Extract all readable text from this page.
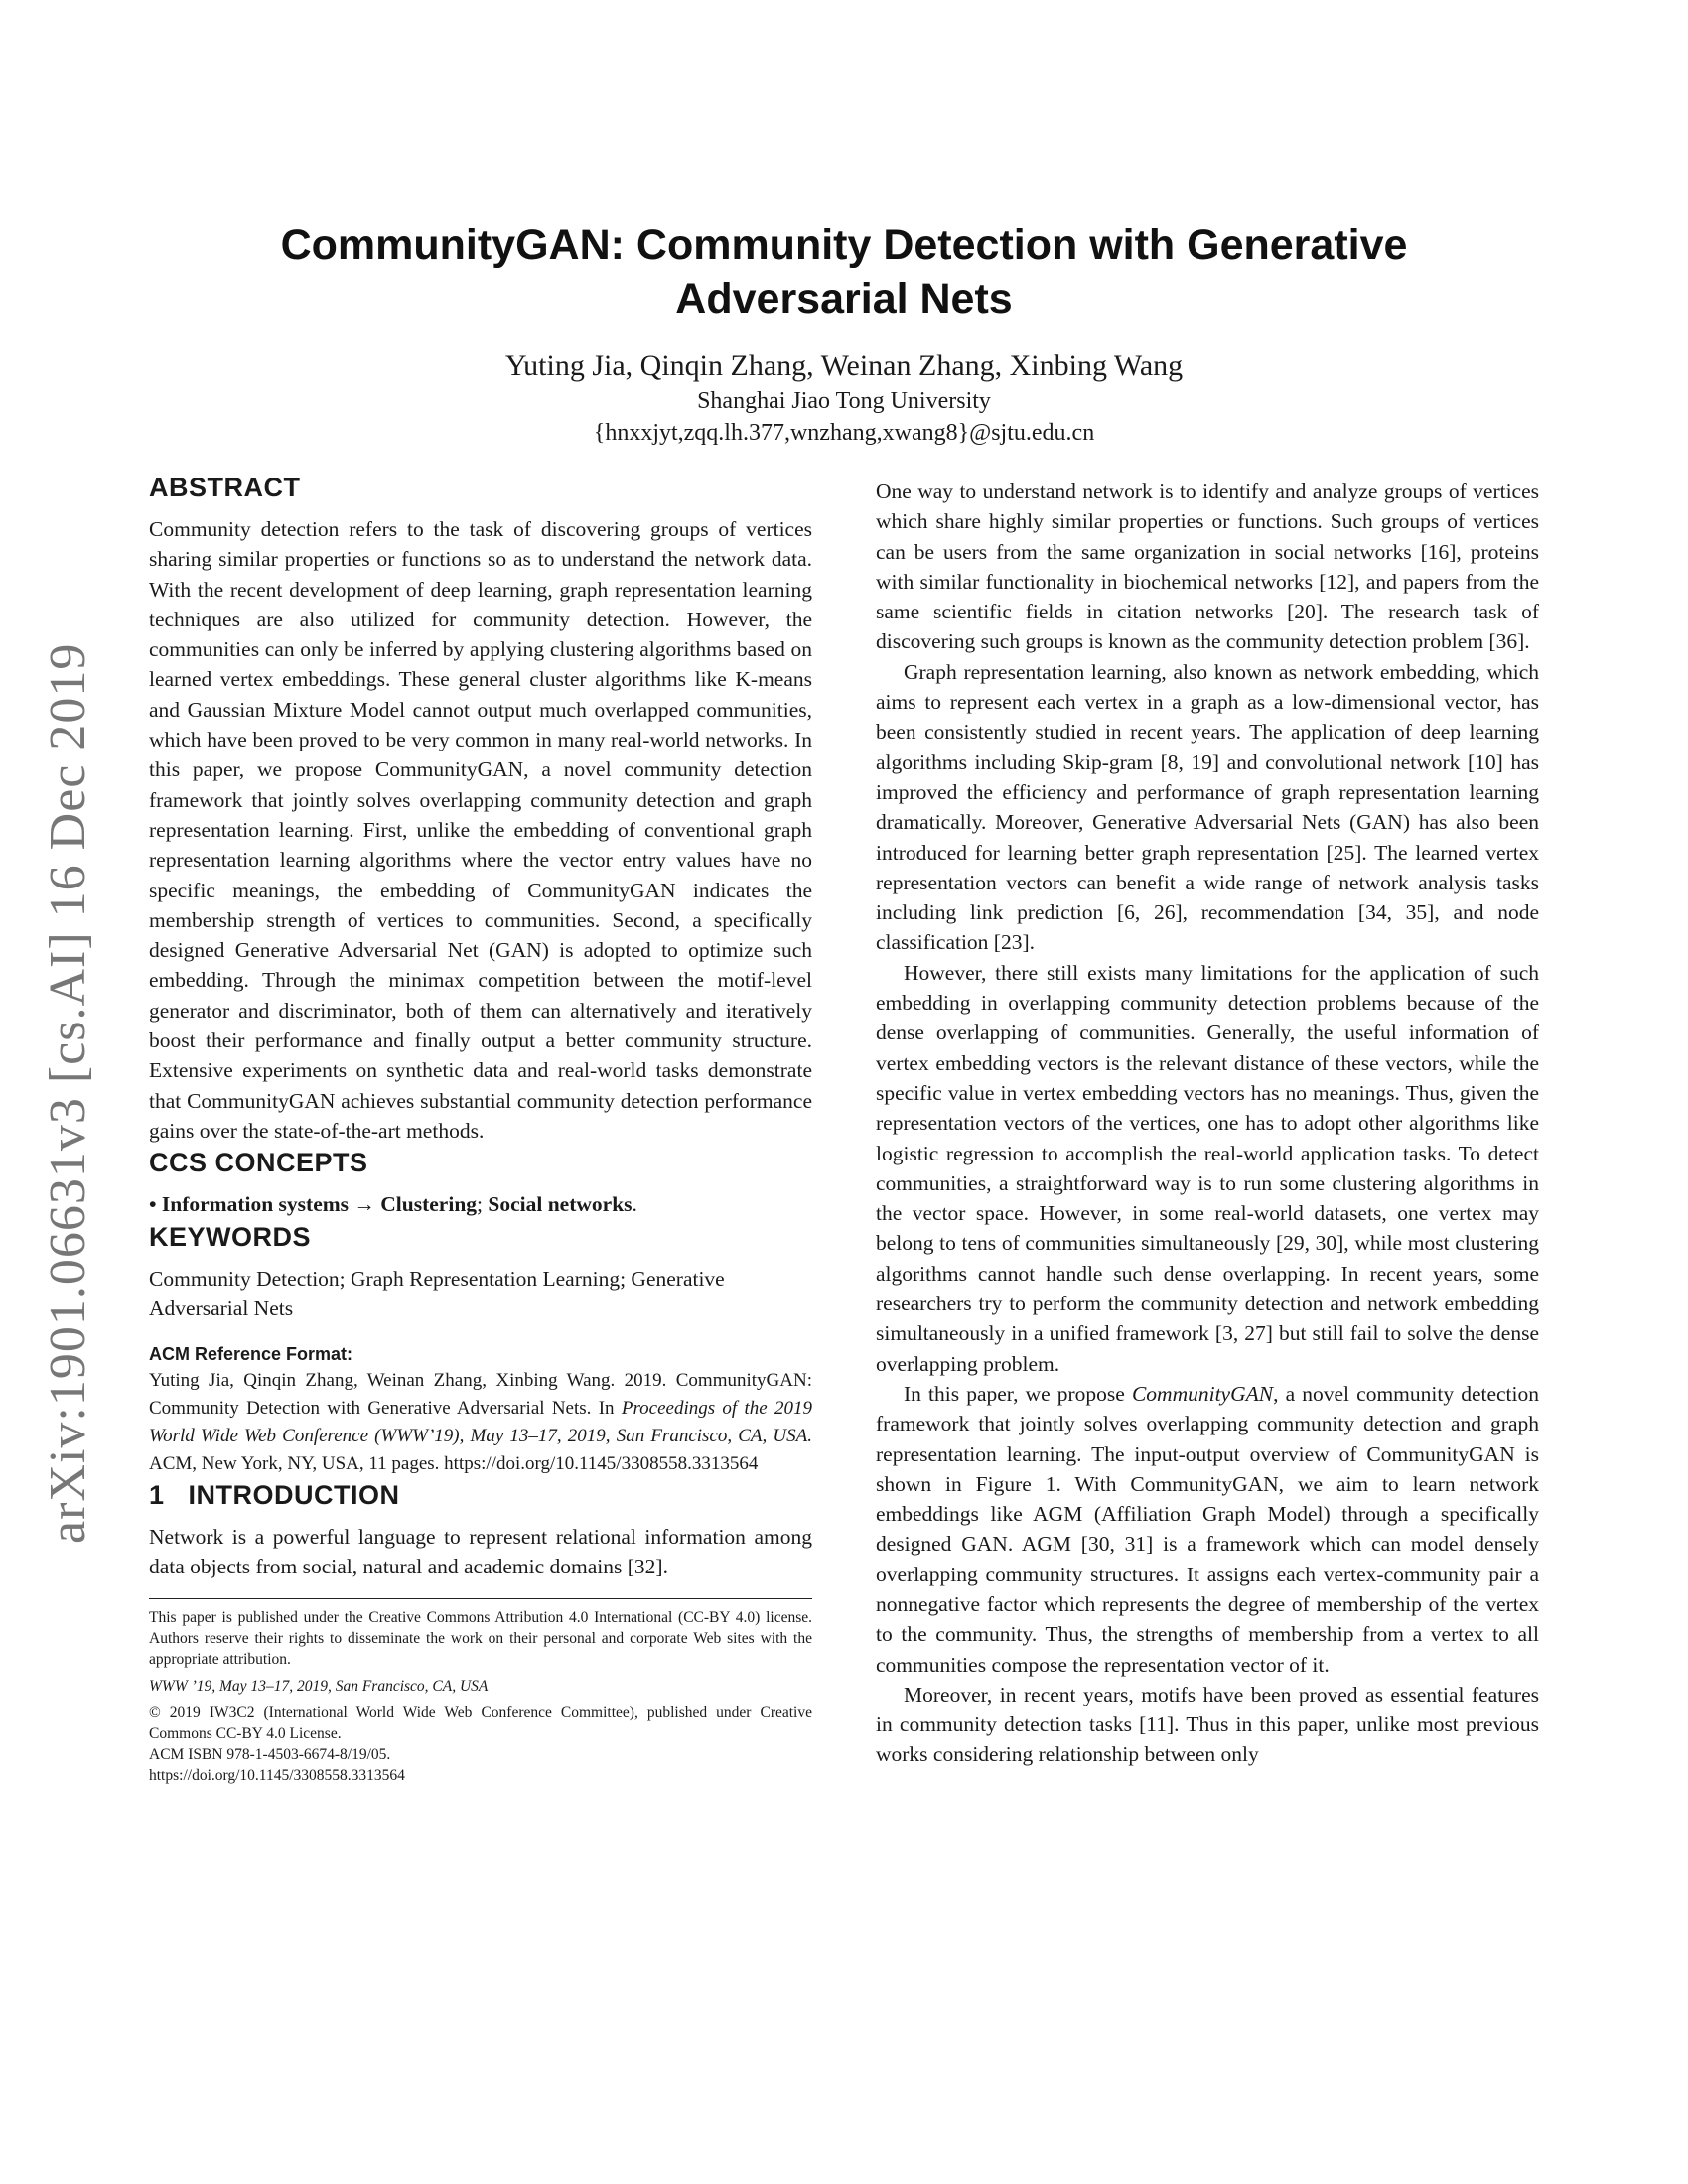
arXiv:1901.06631v3 [cs.AI] 16 Dec 2019
CommunityGAN: Community Detection with Generative Adversarial Nets
Yuting Jia, Qinqin Zhang, Weinan Zhang, Xinbing Wang
Shanghai Jiao Tong University
{hnxxjyt,zqq.lh.377,wnzhang,xwang8}@sjtu.edu.cn
ABSTRACT

Community detection refers to the task of discovering groups of vertices sharing similar properties or functions so as to understand the network data. With the recent development of deep learning, graph representation learning techniques are also utilized for community detection. However, the communities can only be inferred by applying clustering algorithms based on learned vertex embeddings. These general cluster algorithms like K-means and Gaussian Mixture Model cannot output much overlapped communities, which have been proved to be very common in many real-world networks. In this paper, we propose CommunityGAN, a novel community detection framework that jointly solves overlapping community detection and graph representation learning. First, unlike the embedding of conventional graph representation learning algorithms where the vector entry values have no specific meanings, the embedding of CommunityGAN indicates the membership strength of vertices to communities. Second, a specifically designed Generative Adversarial Net (GAN) is adopted to optimize such embedding. Through the minimax competition between the motif-level generator and discriminator, both of them can alternatively and iteratively boost their performance and finally output a better community structure. Extensive experiments on synthetic data and real-world tasks demonstrate that CommunityGAN achieves substantial community detection performance gains over the state-of-the-art methods.

CCS CONCEPTS

• Information systems → Clustering; Social networks.

KEYWORDS

Community Detection; Graph Representation Learning; Generative Adversarial Nets

ACM Reference Format:

Yuting Jia, Qinqin Zhang, Weinan Zhang, Xinbing Wang. 2019. CommunityGAN: Community Detection with Generative Adversarial Nets. In Proceedings of the 2019 World Wide Web Conference (WWW’19), May 13–17, 2019, San Francisco, CA, USA. ACM, New York, NY, USA, 11 pages. https://doi.org/10.1145/3308558.3313564

1   INTRODUCTION

Network is a powerful language to represent relational information among data objects from social, natural and academic domains [32].

This paper is published under the Creative Commons Attribution 4.0 International (CC-BY 4.0) license. Authors reserve their rights to disseminate the work on their personal and corporate Web sites with the appropriate attribution.
WWW ’19, May 13–17, 2019, San Francisco, CA, USA
© 2019 IW3C2 (International World Wide Web Conference Committee), published under Creative Commons CC-BY 4.0 License.
ACM ISBN 978-1-4503-6674-8/19/05.
https://doi.org/10.1145/3308558.3313564

One way to understand network is to identify and analyze groups of vertices which share highly similar properties or functions. Such groups of vertices can be users from the same organization in social networks [16], proteins with similar functionality in biochemical networks [12], and papers from the same scientific fields in citation networks [20]. The research task of discovering such groups is known as the community detection problem [36].

Graph representation learning, also known as network embedding, which aims to represent each vertex in a graph as a low-dimensional vector, has been consistently studied in recent years. The application of deep learning algorithms including Skip-gram [8, 19] and convolutional network [10] has improved the efficiency and performance of graph representation learning dramatically. Moreover, Generative Adversarial Nets (GAN) has also been introduced for learning better graph representation [25]. The learned vertex representation vectors can benefit a wide range of network analysis tasks including link prediction [6, 26], recommendation [34, 35], and node classification [23].

However, there still exists many limitations for the application of such embedding in overlapping community detection problems because of the dense overlapping of communities. Generally, the useful information of vertex embedding vectors is the relevant distance of these vectors, while the specific value in vertex embedding vectors has no meanings. Thus, given the representation vectors of the vertices, one has to adopt other algorithms like logistic regression to accomplish the real-world application tasks. To detect communities, a straightforward way is to run some clustering algorithms in the vector space. However, in some real-world datasets, one vertex may belong to tens of communities simultaneously [29, 30], while most clustering algorithms cannot handle such dense overlapping. In recent years, some researchers try to perform the community detection and network embedding simultaneously in a unified framework [3, 27] but still fail to solve the dense overlapping problem.

In this paper, we propose CommunityGAN, a novel community detection framework that jointly solves overlapping community detection and graph representation learning. The input-output overview of CommunityGAN is shown in Figure 1. With CommunityGAN, we aim to learn network embeddings like AGM (Affiliation Graph Model) through a specifically designed GAN. AGM [30, 31] is a framework which can model densely overlapping community structures. It assigns each vertex-community pair a nonnegative factor which represents the degree of membership of the vertex to the community. Thus, the strengths of membership from a vertex to all communities compose the representation vector of it.

Moreover, in recent years, motifs have been proved as essential features in community detection tasks [11]. Thus in this paper, unlike most previous works considering relationship between only
